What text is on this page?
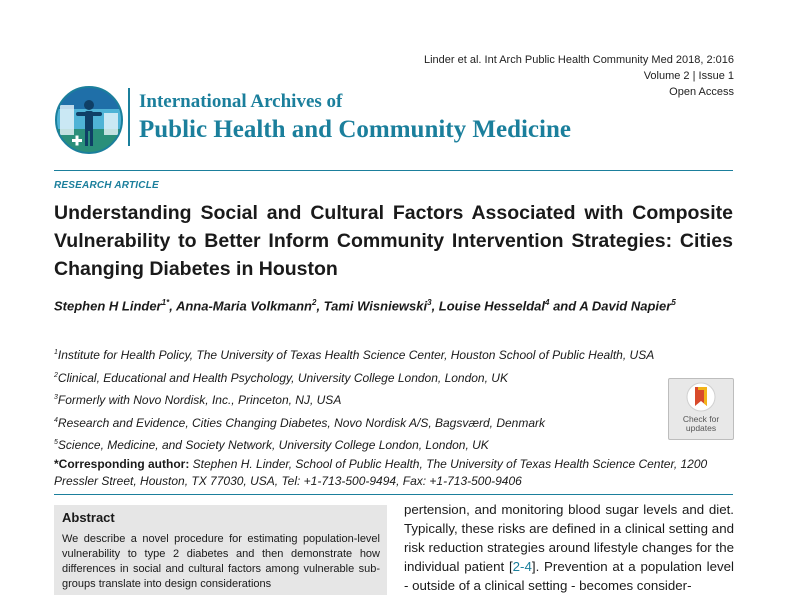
Linder et al. Int Arch Public Health Community Med 2018, 2:016
Volume 2 | Issue 1
Open Access
International Archives of
Public Health and Community Medicine
RESEARCH ARTICLE
Understanding Social and Cultural Factors Associated with Composite Vulnerability to Better Inform Community Intervention Strategies: Cities Changing Diabetes in Houston
Stephen H Linder$^{1*}$, Anna-Maria Volkmann$^2$, Tami Wisniewski$^3$, Louise Hesseldal$^4$ and A David Napier$^5$
$^1$Institute for Health Policy, The University of Texas Health Science Center, Houston School of Public Health, USA
$^2$Clinical, Educational and Health Psychology, University College London, London, UK
$^3$Formerly with Novo Nordisk, Inc., Princeton, NJ, USA
$^4$Research and Evidence, Cities Changing Diabetes, Novo Nordisk A/S, Bagsværd, Denmark
$^5$Science, Medicine, and Society Network, University College London, London, UK
Check for
updates
*Corresponding author: Stephen H. Linder, School of Public Health, The University of Texas Health Science Center, 1200 Pressler Street, Houston, TX 77030, USA, Tel: +1-713-500-9494, Fax: +1-713-500-9406
Abstract
We describe a novel procedure for estimating population-level vulnerability to type 2 diabetes and then demonstrate how differences in social and cultural factors among vulnerable sub-groups translate into design considerations
pertension, and monitoring blood sugar levels and diet. Typically, these risks are defined in a clinical setting and risk reduction strategies around lifestyle changes for the individual patient [2-4]. Prevention at a population level - outside of a clinical setting - becomes consider-
